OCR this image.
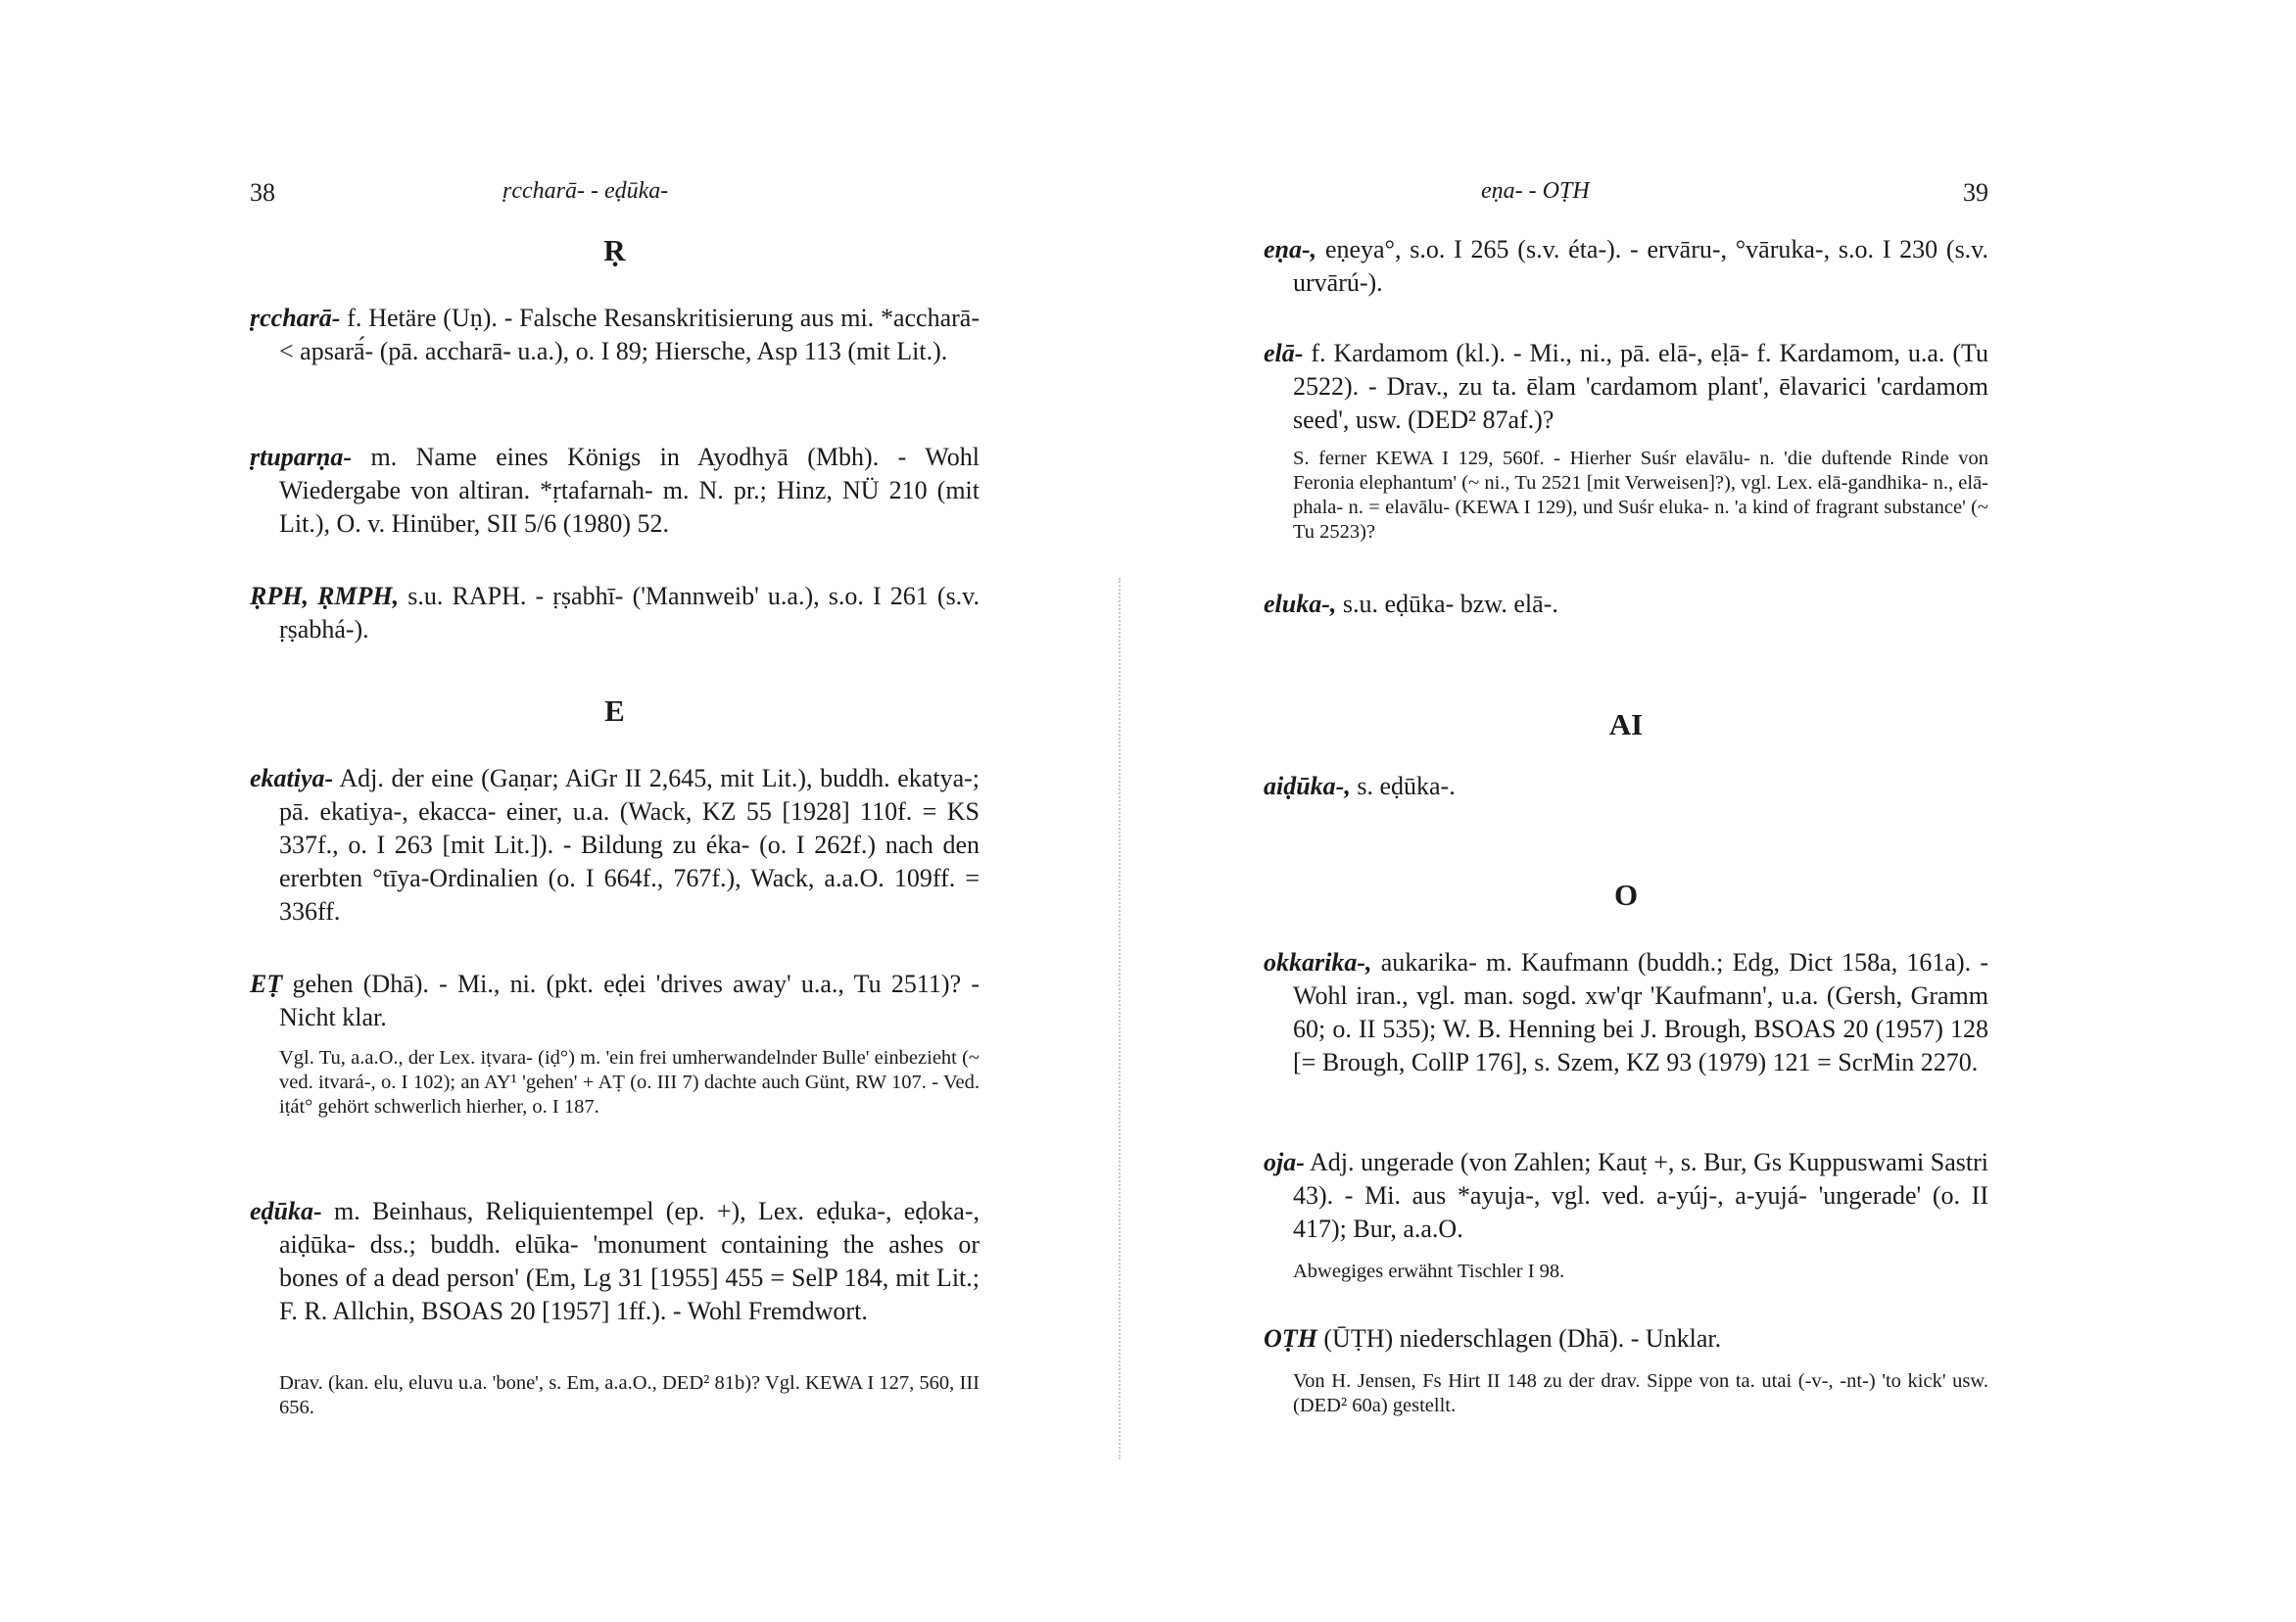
38	ṛccharā- - eḍūka-
Ṛ

ṛccharā- f. Hetäre (Uṇ). - Falsche Resanskritisierung aus mi. *accharā- < apsarā́- (pā. accharā- u.a.), o. I 89; Hiersche, Asp 113 (mit Lit.).

ṛtuparṇa- m. Name eines Königs in Ayodhyā (Mbh). - Wohl Wiedergabe von altiran. *ṛtafarnah- m. N. pr.; Hinz, NÜ 210 (mit Lit.), O. v. Hinüber, SII 5/6 (1980) 52.

ṚPH, ṚMPH, s.u. RAPH. - ṛṣabhī- ('Mannweib' u.a.), s.o. I 261 (s.v. ṛṣabhá-).

E

ekatiya- Adj. der eine (Gaṇar; AiGr II 2,645, mit Lit.), buddh. ekatya-; pā. ekatiya-, ekacca- einer, u.a. (Wack, KZ 55 [1928] 110f. = KS 337f., o. I 263 [mit Lit.]). - Bildung zu éka- (o. I 262f.) nach den ererbten °tīya-Ordinalien (o. I 664f., 767f.), Wack, a.a.O. 109ff. = 336ff.

EṬ gehen (Dhā). - Mi., ni. (pkt. eḍei 'drives away' u.a., Tu 2511)? - Nicht klar.

Vgl. Tu, a.a.O., der Lex. iṭvara- (iḍ°) m. 'ein frei umherwandelnder Bulle' einbezieht (~ ved. itvará-, o. I 102); an AY¹ 'gehen' + AṬ (o. III 7) dachte auch Günt, RW 107. - Ved. iṭát° gehört schwerlich hierher, o. I 187.

eḍūka- m. Beinhaus, Reliquientempel (ep. +), Lex. eḍuka-, eḍoka-, aiḍūka- dss.; buddh. elūka- 'monument containing the ashes or bones of a dead person' (Em, Lg 31 [1955] 455 = SelP 184, mit Lit.; F. R. Allchin, BSOAS 20 [1957] 1ff.). - Wohl Fremdwort.

Drav. (kan. elu, eluvu u.a. 'bone', s. Em, a.a.O., DED² 81b)? Vgl. KEWA I 127, 560, III 656.

eṇa- - OṬH	39

eṇa-, eṇeya°, s.o. I 265 (s.v. éta-). - ervāru-, °vāruka-, s.o. I 230 (s.v. urvārú-).

elā- f. Kardamom (kl.). - Mi., ni., pā. elā-, eḷā- f. Kardamom, u.a. (Tu 2522). - Drav., zu ta. ēlam 'cardamom plant', ēlavarici 'cardamom seed', usw. (DED² 87af.)?

S. ferner KEWA I 129, 560f. - Hierher Suśr elavālu- n. 'die duftende Rinde von Feronia elephantum' (~ ni., Tu 2521 [mit Verweisen]?), vgl. Lex. elā-gandhika- n., elā-phala- n. = elavālu- (KEWA I 129), und Suśr eluka- n. 'a kind of fragrant substance' (~ Tu 2523)?

eluka-, s.u. eḍūka- bzw. elā-.

AI

aiḍūka-, s. eḍūka-.

O

okkarika-, aukarika- m. Kaufmann (buddh.; Edg, Dict 158a, 161a). - Wohl iran., vgl. man. sogd. xw'qr 'Kaufmann', u.a. (Gersh, Gramm 60; o. II 535); W. B. Henning bei J. Brough, BSOAS 20 (1957) 128 [= Brough, CollP 176], s. Szem, KZ 93 (1979) 121 = ScrMin 2270.

oja- Adj. ungerade (von Zahlen; Kauṭ +, s. Bur, Gs Kuppuswami Sastri 43). - Mi. aus *ayuja-, vgl. ved. a-yúj-, a-yujá- 'ungerade' (o. II 417); Bur, a.a.O.

Abwegiges erwähnt Tischler I 98.

OṬH (ŪṬH) niederschlagen (Dhā). - Unklar.

Von H. Jensen, Fs Hirt II 148 zu der drav. Sippe von ta. utai (-v-, -nt-) 'to kick' usw. (DED² 60a) gestellt.
